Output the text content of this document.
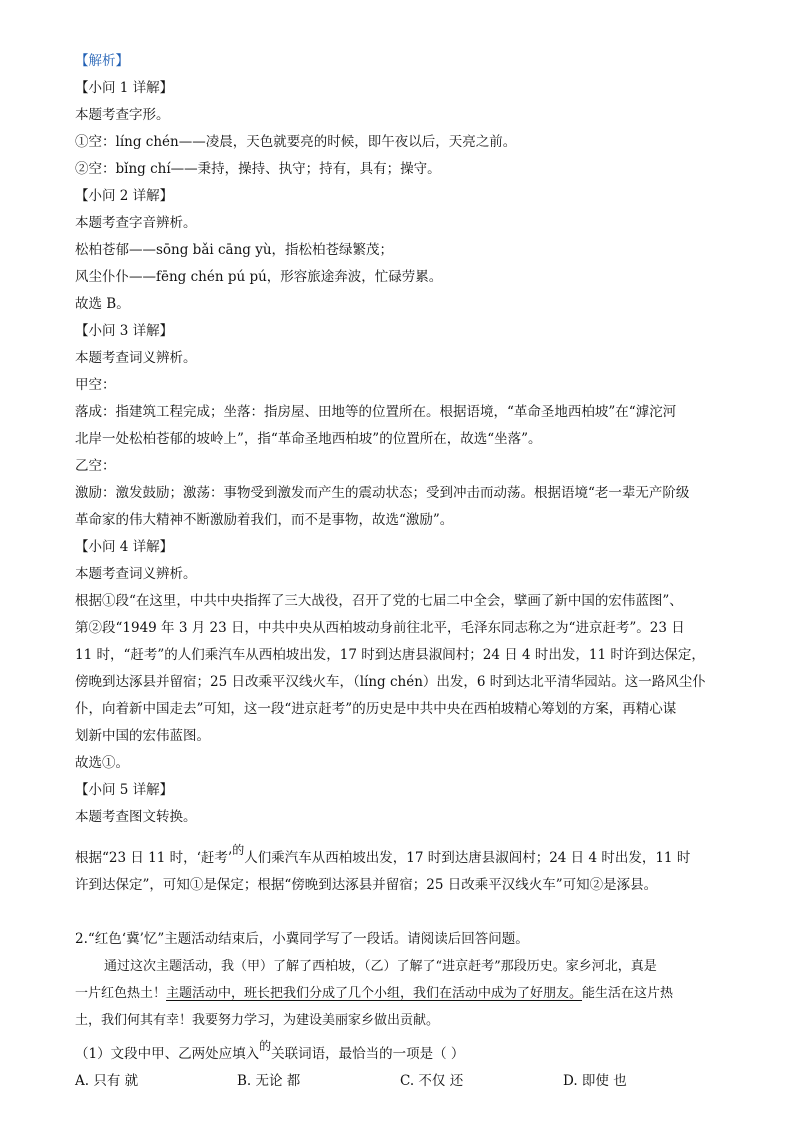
【解析】

【小问 1 详解】

本题考查字形。

①空：líng chén——凌晨，天色就要亮的时候，即午夜以后，天亮之前。

②空：bǐng chí——秉持，操持、执守；持有，具有；操守。

【小问 2 详解】

本题考查字音辨析。

松柏苍郁——sōng bǎi cāng yù，指松柏苍绿繁茂；

风尘仆仆——fēng chén pú pú，形容旅途奔波，忙碌劳累。

故选 B。

【小问 3 详解】

本题考查词义辨析。

甲空：

落成：指建筑工程完成；坐落：指房屋、田地等的位置所在。根据语境，“革命圣地西柏坡”在“滹沱河

北岸一处松柏苍郁的坡岭上”，指“革命圣地西柏坡”的位置所在，故选“坐落”。

乙空：

激励：激发鼓励；激荡：事物受到激发而产生的震动状态；受到冲击而动荡。根据语境“老一辈无产阶级

革命家的伟大精神不断激励着我们，而不是事物，故选“激励”。

【小问 4 详解】

本题考查词义辨析。

根据①段“在这里，中共中央指挥了三大战役，召开了党的七届二中全会，擘画了新中国的宏伟蓝图”、

第②段“1949 年 3 月 23 日，中共中央从西柏坡动身前往北平，毛泽东同志称之为“进京赶考”。23 日

11 时，“赶考”的人们乘汽车从西柏坡出发，17 时到达唐县淑闾村；24 日 4 时出发，11 时许到达保定，

傍晚到达涿县并留宿；25 日改乘平汉线火车，（líng chén）出发，6 时到达北平清华园站。这一路风尘仆

仆，向着新中国走去”可知，这一段“进京赶考”的历史是中共中央在西柏坡精心筹划的方案，再精心谋

划新中国的宏伟蓝图。

故选①。

【小问 5 详解】

本题考查图文转换。

根据“23 日 11 时，‘赶考’的人们乘汽车从西柏坡出发，17 时到达唐县淑闾村；24 日 4 时出发，11 时

许到达保定”，可知①是保定；根据“傍晚到达涿县并留宿；25 日改乘平汉线火车”可知②是涿县。

2.“红色‘冀’忆”主题活动结束后，小冀同学写了一段话。请阅读后回答问题。

通过这次主题活动，我（甲）了解了西柏坡，（乙）了解了“进京赶考”那段历史。家乡河北，真是

一片红色热土！主题活动中，班长把我们分成了几个小组，我们在活动中成为了好朋友。能生活在这片热

土，我们何其有幸！我要努力学习，为建设美丽家乡做出贡献。

（1）文段中甲、乙两处应填入的关联词语，最恰当的一项是（ ）

A. 只有 就	B. 无论 都	C. 不仅 还	D. 即使 也
